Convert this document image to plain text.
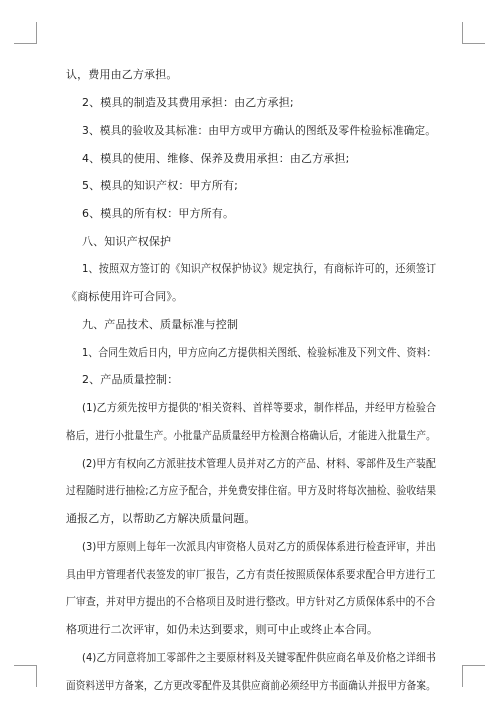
认，费用由乙方承担。
2、模具的制造及其费用承担：由乙方承担;
3、模具的验收及其标准：由甲方或甲方确认的图纸及零件检验标准确定。
4、模具的使用、维修、保养及费用承担：由乙方承担;
5、模具的知识产权：甲方所有;
6、模具的所有权：甲方所有。
八、知识产权保护
1、按照双方签订的《知识产权保护协议》规定执行，有商标许可的，还须签订
《商标使用许可合同》。
九、产品技术、质量标准与控制
1、合同生效后日内，甲方应向乙方提供相关图纸、检验标准及下列文件、资料：
2、产品质量控制：
(1)乙方须先按甲方提供的'相关资料、首样等要求，制作样品，并经甲方检验合
格后，进行小批量生产。小批量产品质量经甲方检测合格确认后，才能进入批量生产。
(2)甲方有权向乙方派驻技术管理人员并对乙方的产品、材料、零部件及生产装配
过程随时进行抽检;乙方应予配合，并免费安排住宿。甲方及时将每次抽检、验收结果
通报乙方，以帮助乙方解决质量问题。
(3)甲方原则上每年一次派具内审资格人员对乙方的质保体系进行检查评审，并出
具由甲方管理者代表签发的审厂报告，乙方有责任按照质保体系要求配合甲方进行工
厂审查，并对甲方提出的不合格项目及时进行整改。甲方针对乙方质保体系中的不合
格项进行二次评审，如仍未达到要求，则可中止或终止本合同。
(4)乙方同意将加工零部件之主要原材料及关键零配件供应商名单及价格之详细书
面资料送甲方备案，乙方更改零配件及其供应商前必须经甲方书面确认并报甲方备案。
